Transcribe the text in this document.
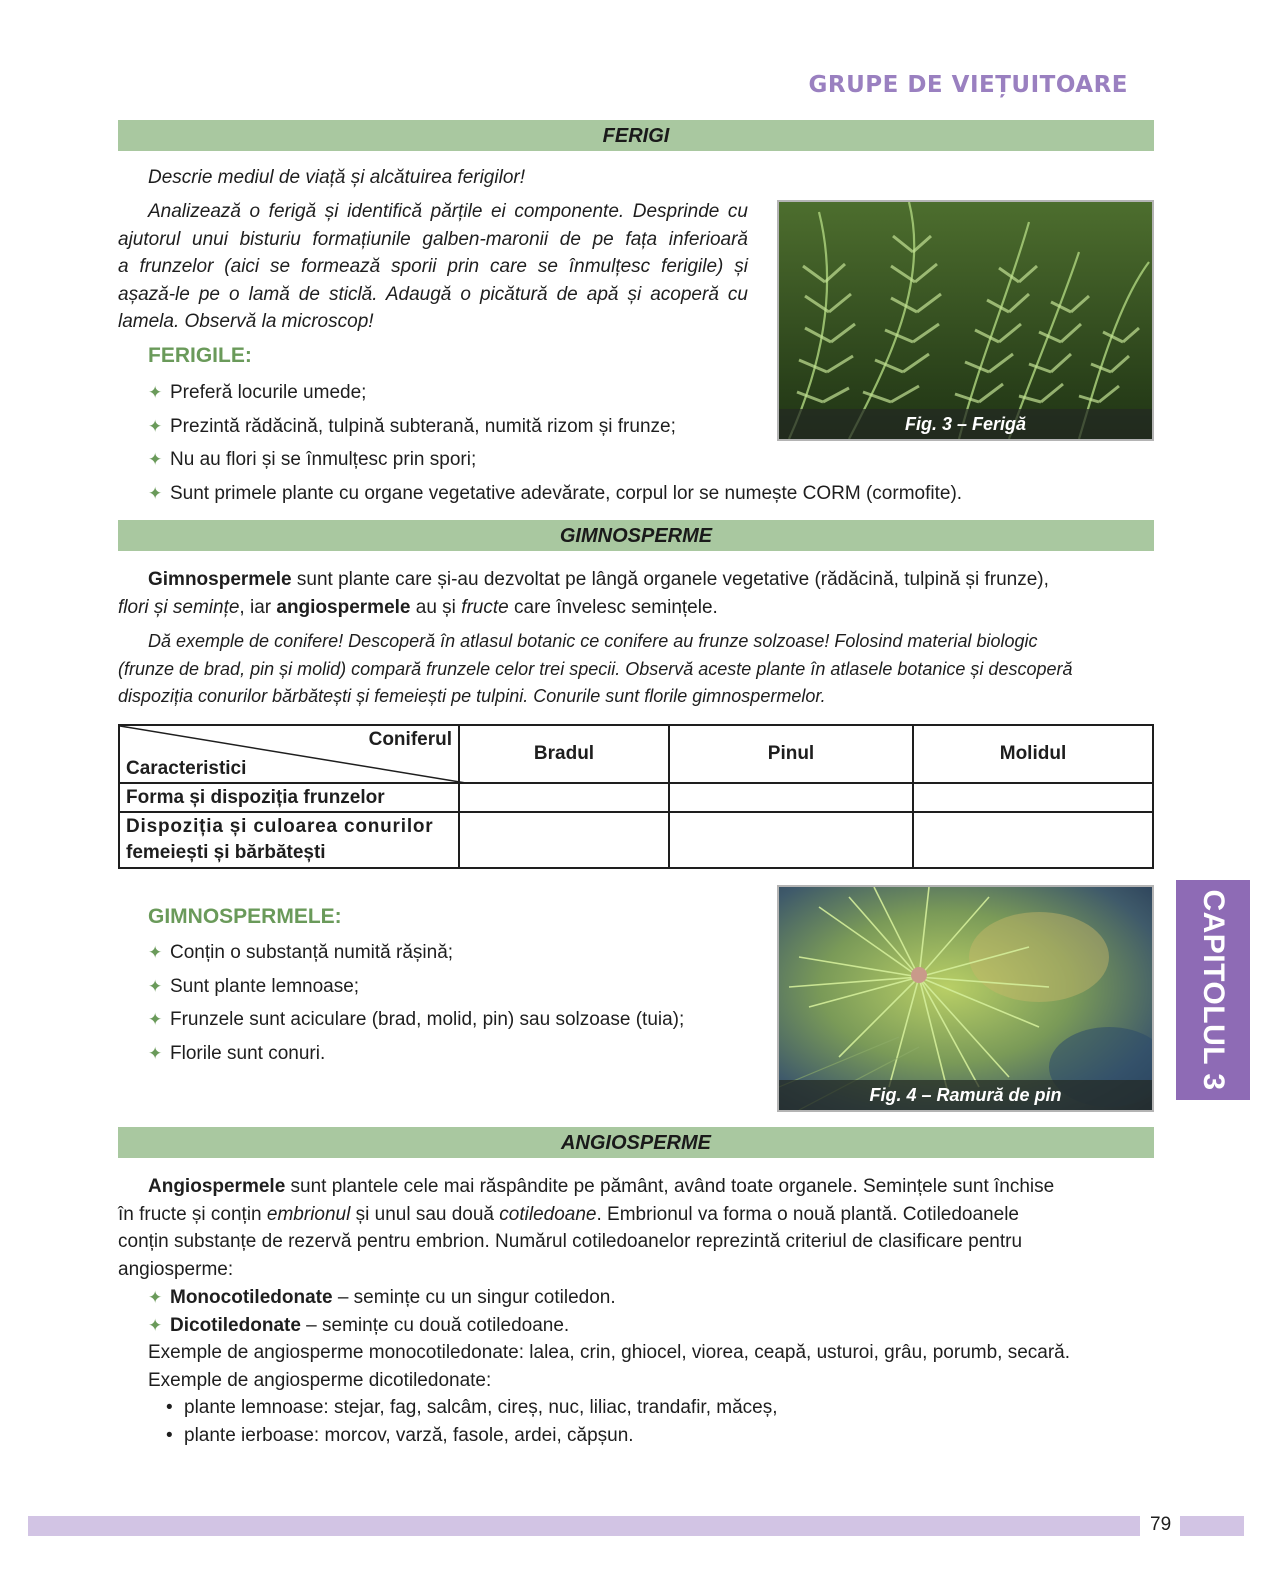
GRUPE DE VIEȚUITOARE
FERIGI
Descrie mediul de viață și alcătuirea ferigilor!
Analizează o ferigă și identifică părțile ei componente. Desprinde cu
ajutorul unui bisturiu formațiunile galben-maronii de pe fața inferioară
a frunzelor (aici se formează sporii prin care se înmulțesc ferigile) și
așază-le pe o lamă de sticlă. Adaugă o picătură de apă și acoperă cu
lamela. Observă la microscop!
Fig. 3 – Ferigă
FERIGILE:
✦ Preferă locurile umede;
✦ Prezintă rădăcină, tulpină subterană, numită rizom și frunze;
✦ Nu au flori și se înmulțesc prin spori;
✦ Sunt primele plante cu organe vegetative adevărate, corpul lor se numește CORM (cormofite).
GIMNOSPERME
Gimnospermele sunt plante care și-au dezvoltat pe lângă organele vegetative (rădăcină, tulpină și frunze),
flori și semințe, iar angiospermele au și fructe care învelesc semințele.
Dă exemple de conifere! Descoperă în atlasul botanic ce conifere au frunze solzoase! Folosind material biologic
(frunze de brad, pin și molid) compară frunzele celor trei specii. Observă aceste plante în atlasele botanice și descoperă
dispoziția conurilor bărbătești și femeiești pe tulpini. Conurile sunt florile gimnospermelor.
Coniferul
Caracteristici	Bradul	Pinul	Molidul
Forma și dispoziția frunzelor			

Dispoziția și culoarea conurilor
femeiești și bărbătești			

GIMNOSPERMELE:
✦ Conțin o substanță numită rășină;
✦ Sunt plante lemnoase;
✦ Frunzele sunt aciculare (brad, molid, pin) sau solzoase (tuia);
✦ Florile sunt conuri.
Fig. 4 – Ramură de pin
CAPITOLUL 3
ANGIOSPERME
Angiospermele sunt plantele cele mai răspândite pe pământ, având toate organele. Semințele sunt închise
în fructe și conțin embrionul și unul sau două cotiledoane. Embrionul va forma o nouă plantă. Cotiledoanele
conțin substanțe de rezervă pentru embrion. Numărul cotiledoanelor reprezintă criteriul de clasificare pentru
angiosperme:
✦ Monocotiledonate – semințe cu un singur cotiledon.
✦ Dicotiledonate – semințe cu două cotiledoane.
Exemple de angiosperme monocotiledonate: lalea, crin, ghiocel, viorea, ceapă, usturoi, grâu, porumb, secară.
Exemple de angiosperme dicotiledonate:
• plante lemnoase: stejar, fag, salcâm, cireș, nuc, liliac, trandafir, măceș,
• plante ierboase: morcov, varză, fasole, ardei, căpșun.
79
